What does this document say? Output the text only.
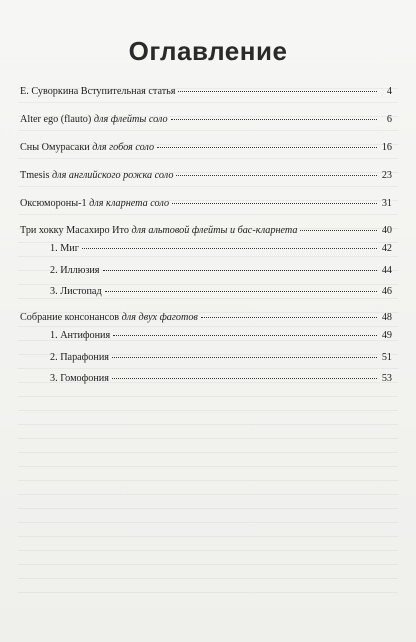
Оглавление
Е. Суворкина Вступительная статья	4
Alter ego (flauto) для флейты соло	6
Сны Омурасаки для гобоя соло	16
Tmesis для английского рожка соло	23
Оксюмороны-1 для кларнета соло	31
Три хокку Масахиро Ито для альтовой флейты и бас-кларнета	40
1. Миг	42
2. Иллюзия	44
3. Листопад	46
Собрание консонансов для двух фаготов	48
1. Антифония	49
2. Парафония	51
3. Гомофония	53
